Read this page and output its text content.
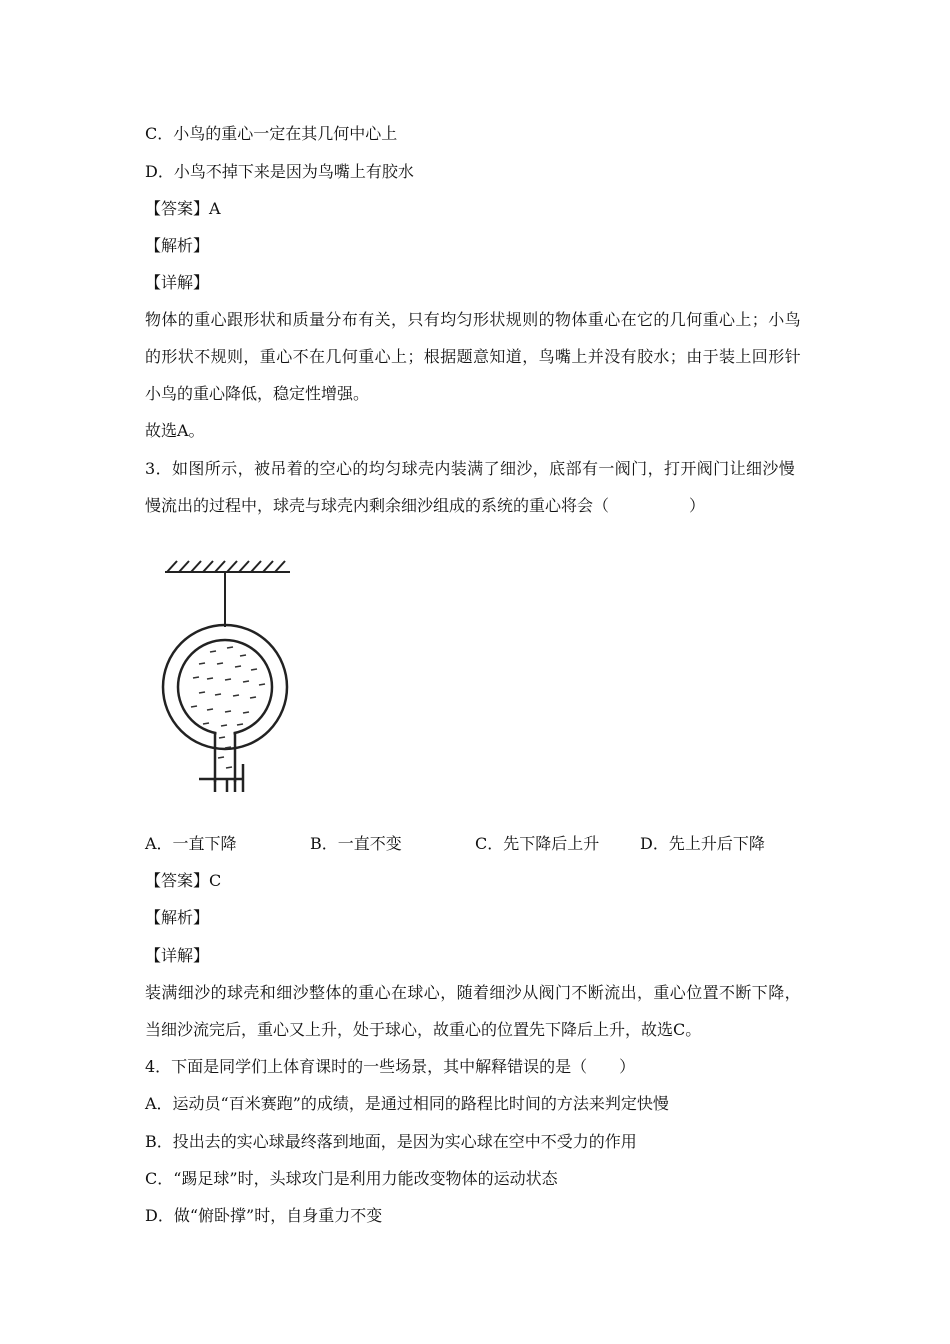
C．小鸟的重心一定在其几何中心上
D．小鸟不掉下来是因为鸟嘴上有胶水
【答案】A
【解析】
【详解】
物体的重心跟形状和质量分布有关，只有均匀形状规则的物体重心在它的几何重心上；小鸟
的形状不规则，重心不在几何重心上；根据题意知道，鸟嘴上并没有胶水；由于装上回形针
小鸟的重心降低，稳定性增强。
故选A。
3．如图所示，被吊着的空心的均匀球壳内装满了细沙，底部有一阀门，打开阀门让细沙慢
慢流出的过程中，球壳与球壳内剩余细沙组成的系统的重心将会（　　　　　）
A．一直下降	B．一直不变	C．先下降后上升	D．先上升后下降
【答案】C
【解析】
【详解】
装满细沙的球壳和细沙整体的重心在球心，随着细沙从阀门不断流出，重心位置不断下降，
当细沙流完后，重心又上升，处于球心，故重心的位置先下降后上升，故选C。
4．下面是同学们上体育课时的一些场景，其中解释错误的是（　　）
A．运动员“百米赛跑”的成绩，是通过相同的路程比时间的方法来判定快慢
B．投出去的实心球最终落到地面，是因为实心球在空中不受力的作用
C．“踢足球”时，头球攻门是利用力能改变物体的运动状态
D．做“俯卧撑”时，自身重力不变
